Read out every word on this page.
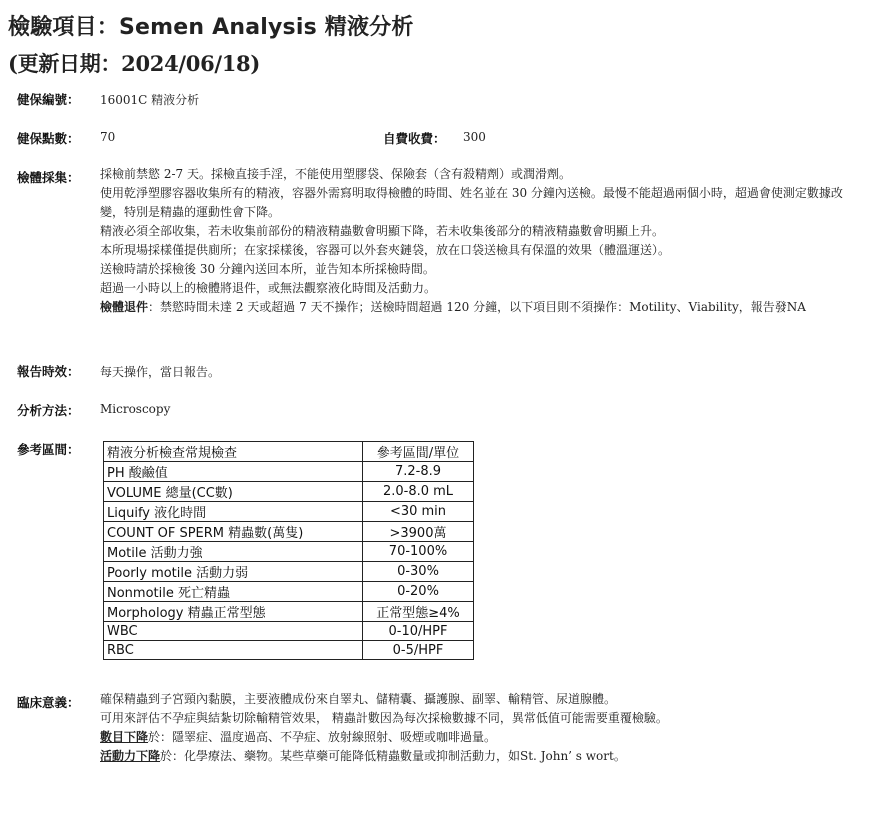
檢驗項目：Semen Analysis 精液分析
(更新日期：2024/06/18)
健保編號： 16001C 精液分析
健保點數： 70	自費收費： 300
檢體採集： 採檢前禁慾 2-7 天。採檢直接手淫，不能使用塑膠袋、保險套（含有殺精劑）或潤滑劑。
使用乾淨塑膠容器收集所有的精液，容器外需寫明取得檢體的時間、姓名並在 30 分鐘內送檢。最慢不能超過兩個小時，超過會使測定數據改變，特別是精蟲的運動性會下降。
精液必須全部收集，若未收集前部份的精液精蟲數會明顯下降，若未收集後部分的精液精蟲數會明顯上升。
本所現場採樣僅提供廁所；在家採樣後，容器可以外套夾鏈袋，放在口袋送檢具有保溫的效果（體溫運送）。
送檢時請於採檢後 30 分鐘內送回本所，並告知本所採檢時間。
超過一小時以上的檢體將退件，或無法觀察液化時間及活動力。
檢體退件：禁慾時間未達 2 天或超過 7 天不操作；送檢時間超過 120 分鐘，以下項目則不須操作：Motility、Viability，報告發NA
報告時效： 每天操作，當日報告。
分析方法： Microscopy
參考區間： 精液分析檢查常規檢查	參考區間/單位
PH 酸鹼值	7.2-8.9
VOLUME 總量(CC數)	2.0-8.0 mL
Liquify 液化時間	<30 min
COUNT OF SPERM 精蟲數(萬隻)	>3900萬
Motile 活動力強	70-100%
Poorly motile 活動力弱	0-30%
Nonmotile 死亡精蟲	0-20%
Morphology 精蟲正常型態	正常型態≥4%
WBC	0-10/HPF
RBC	0-5/HPF
臨床意義： 確保精蟲到子宮頸內黏膜，主要液體成份來自睪丸、儲精囊、攝護腺、副睪、輸精管、尿道腺體。
可用來評估不孕症與結紮切除輸精管效果， 精蟲計數因為每次採檢數據不同，異常低值可能需要重覆檢驗。
數目下降於：隱睪症、溫度過高、不孕症、放射線照射、吸煙或咖啡過量。
活動力下降於：化學療法、藥物。某些草藥可能降低精蟲數量或抑制活動力，如St. John’ s wort。
